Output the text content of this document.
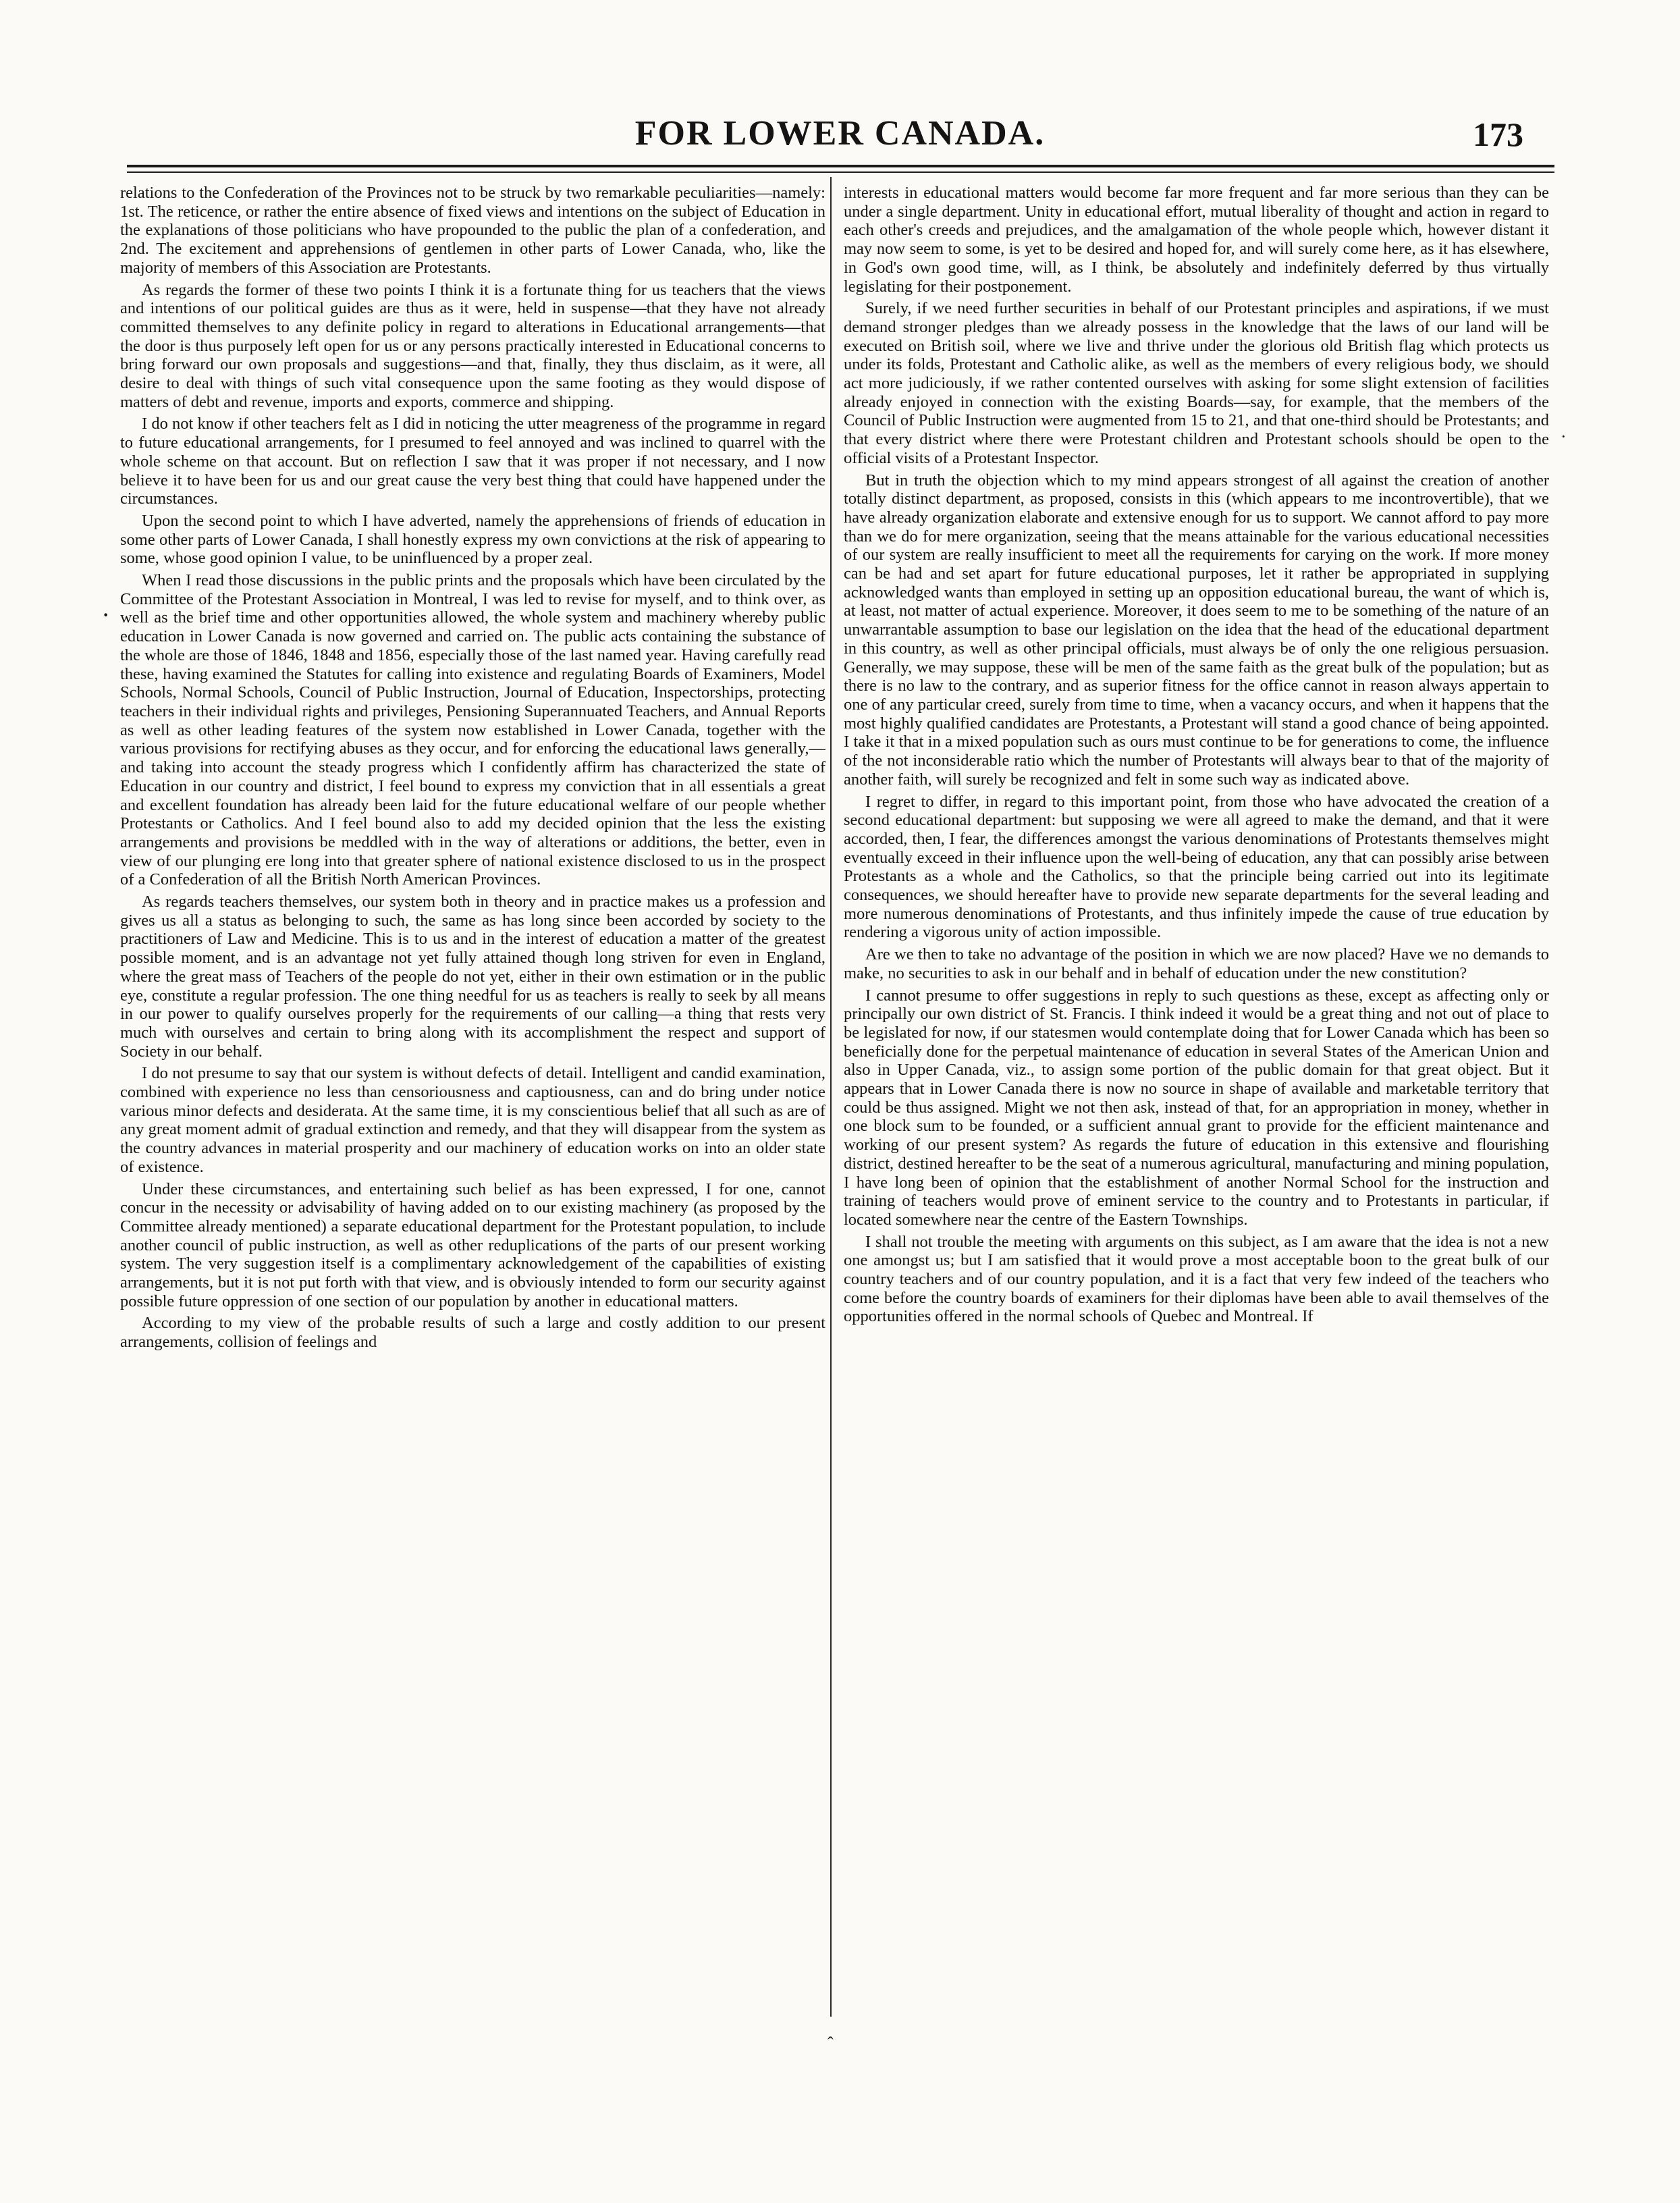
FOR LOWER CANADA.	173

relations to the Confederation of the Provinces not to be struck by two remarkable peculiarities—namely: 1st. The reticence, or rather the entire absence of fixed views and intentions on the subject of Education in the explanations of those politicians who have propounded to the public the plan of a confederation, and 2nd. The excitement and apprehensions of gentlemen in other parts of Lower Canada, who, like the majority of members of this Association are Protestants.

As regards the former of these two points I think it is a fortunate thing for us teachers that the views and intentions of our political guides are thus as it were, held in suspense—that they have not already committed themselves to any definite policy in regard to alterations in Educational arrangements—that the door is thus purposely left open for us or any persons practically interested in Educational concerns to bring forward our own proposals and suggestions—and that, finally, they thus disclaim, as it were, all desire to deal with things of such vital consequence upon the same footing as they would dispose of matters of debt and revenue, imports and exports, commerce and shipping.

I do not know if other teachers felt as I did in noticing the utter meagreness of the programme in regard to future educational arrangements, for I presumed to feel annoyed and was inclined to quarrel with the whole scheme on that account. But on reflection I saw that it was proper if not necessary, and I now believe it to have been for us and our great cause the very best thing that could have happened under the circumstances.

Upon the second point to which I have adverted, namely the apprehensions of friends of education in some other parts of Lower Canada, I shall honestly express my own convictions at the risk of appearing to some, whose good opinion I value, to be uninfluenced by a proper zeal.

When I read those discussions in the public prints and the proposals which have been circulated by the Committee of the Protestant Association in Montreal, I was led to revise for myself, and to think over, as well as the brief time and other opportunities allowed, the whole system and machinery whereby public education in Lower Canada is now governed and carried on. The public acts containing the substance of the whole are those of 1846, 1848 and 1856, especially those of the last named year. Having carefully read these, having examined the Statutes for calling into existence and regulating Boards of Examiners, Model Schools, Normal Schools, Council of Public Instruction, Journal of Education, Inspectorships, protecting teachers in their individual rights and privileges, Pensioning Superannuated Teachers, and Annual Reports as well as other leading features of the system now established in Lower Canada, together with the various provisions for rectifying abuses as they occur, and for enforcing the educational laws generally,—and taking into account the steady progress which I confidently affirm has characterized the state of Education in our country and district, I feel bound to express my conviction that in all essentials a great and excellent foundation has already been laid for the future educational welfare of our people whether Protestants or Catholics. And I feel bound also to add my decided opinion that the less the existing arrangements and provisions be meddled with in the way of alterations or additions, the better, even in view of our plunging ere long into that greater sphere of national existence disclosed to us in the prospect of a Confederation of all the British North American Provinces.

As regards teachers themselves, our system both in theory and in practice makes us a profession and gives us all a status as belonging to such, the same as has long since been accorded by society to the practitioners of Law and Medicine. This is to us and in the interest of education a matter of the greatest possible moment, and is an advantage not yet fully attained though long striven for even in England, where the great mass of Teachers of the people do not yet, either in their own estimation or in the public eye, constitute a regular profession. The one thing needful for us as teachers is really to seek by all means in our power to qualify ourselves properly for the requirements of our calling—a thing that rests very much with ourselves and certain to bring along with its accomplishment the respect and support of Society in our behalf.

I do not presume to say that our system is without defects of detail. Intelligent and candid examination, combined with experience no less than censoriousness and captiousness, can and do bring under notice various minor defects and desiderata. At the same time, it is my conscientious belief that all such as are of any great moment admit of gradual extinction and remedy, and that they will disappear from the system as the country advances in material prosperity and our machinery of education works on into an older state of existence.

Under these circumstances, and entertaining such belief as has been expressed, I for one, cannot concur in the necessity or advisability of having added on to our existing machinery (as proposed by the Committee already mentioned) a separate educational department for the Protestant population, to include another council of public instruction, as well as other reduplications of the parts of our present working system. The very suggestion itself is a complimentary acknowledgement of the capabilities of existing arrangements, but it is not put forth with that view, and is obviously intended to form our security against possible future oppression of one section of our population by another in educational matters.

According to my view of the probable results of such a large and costly addition to our present arrangements, collision of feelings and

interests in educational matters would become far more frequent and far more serious than they can be under a single department. Unity in educational effort, mutual liberality of thought and action in regard to each other's creeds and prejudices, and the amalgamation of the whole people which, however distant it may now seem to some, is yet to be desired and hoped for, and will surely come here, as it has elsewhere, in God's own good time, will, as I think, be absolutely and indefinitely deferred by thus virtually legislating for their postponement.

Surely, if we need further securities in behalf of our Protestant principles and aspirations, if we must demand stronger pledges than we already possess in the knowledge that the laws of our land will be executed on British soil, where we live and thrive under the glorious old British flag which protects us under its folds, Protestant and Catholic alike, as well as the members of every religious body, we should act more judiciously, if we rather contented ourselves with asking for some slight extension of facilities already enjoyed in connection with the existing Boards—say, for example, that the members of the Council of Public Instruction were augmented from 15 to 21, and that one-third should be Protestants; and that every district where there were Protestant children and Protestant schools should be open to the official visits of a Protestant Inspector.

But in truth the objection which to my mind appears strongest of all against the creation of another totally distinct department, as proposed, consists in this (which appears to me incontrovertible), that we have already organization elaborate and extensive enough for us to support. We cannot afford to pay more than we do for mere organization, seeing that the means attainable for the various educational necessities of our system are really insufficient to meet all the requirements for carying on the work. If more money can be had and set apart for future educational purposes, let it rather be appropriated in supplying acknowledged wants than employed in setting up an opposition educational bureau, the want of which is, at least, not matter of actual experience. Moreover, it does seem to me to be something of the nature of an unwarrantable assumption to base our legislation on the idea that the head of the educational department in this country, as well as other principal officials, must always be of only the one religious persuasion. Generally, we may suppose, these will be men of the same faith as the great bulk of the population; but as there is no law to the contrary, and as superior fitness for the office cannot in reason always appertain to one of any particular creed, surely from time to time, when a vacancy occurs, and when it happens that the most highly qualified candidates are Protestants, a Protestant will stand a good chance of being appointed. I take it that in a mixed population such as ours must continue to be for generations to come, the influence of the not inconsiderable ratio which the number of Protestants will always bear to that of the majority of another faith, will surely be recognized and felt in some such way as indicated above.

I regret to differ, in regard to this important point, from those who have advocated the creation of a second educational department: but supposing we were all agreed to make the demand, and that it were accorded, then, I fear, the differences amongst the various denominations of Protestants themselves might eventually exceed in their influence upon the well-being of education, any that can possibly arise between Protestants as a whole and the Catholics, so that the principle being carried out into its legitimate consequences, we should hereafter have to provide new separate departments for the several leading and more numerous denominations of Protestants, and thus infinitely impede the cause of true education by rendering a vigorous unity of action impossible.

Are we then to take no advantage of the position in which we are now placed? Have we no demands to make, no securities to ask in our behalf and in behalf of education under the new constitution?

I cannot presume to offer suggestions in reply to such questions as these, except as affecting only or principally our own district of St. Francis. I think indeed it would be a great thing and not out of place to be legislated for now, if our statesmen would contemplate doing that for Lower Canada which has been so beneficially done for the perpetual maintenance of education in several States of the American Union and also in Upper Canada, viz., to assign some portion of the public domain for that great object. But it appears that in Lower Canada there is now no source in shape of available and marketable territory that could be thus assigned. Might we not then ask, instead of that, for an appropriation in money, whether in one block sum to be founded, or a sufficient annual grant to provide for the efficient maintenance and working of our present system? As regards the future of education in this extensive and flourishing district, destined hereafter to be the seat of a numerous agricultural, manufacturing and mining population, I have long been of opinion that the establishment of another Normal School for the instruction and training of teachers would prove of eminent service to the country and to Protestants in particular, if located somewhere near the centre of the Eastern Townships.

I shall not trouble the meeting with arguments on this subject, as I am aware that the idea is not a new one amongst us; but I am satisfied that it would prove a most acceptable boon to the great bulk of our country teachers and of our country population, and it is a fact that very few indeed of the teachers who come before the country boards of examiners for their diplomas have been able to avail themselves of the opportunities offered in the normal schools of Quebec and Montreal. If

·
·
ˆ
